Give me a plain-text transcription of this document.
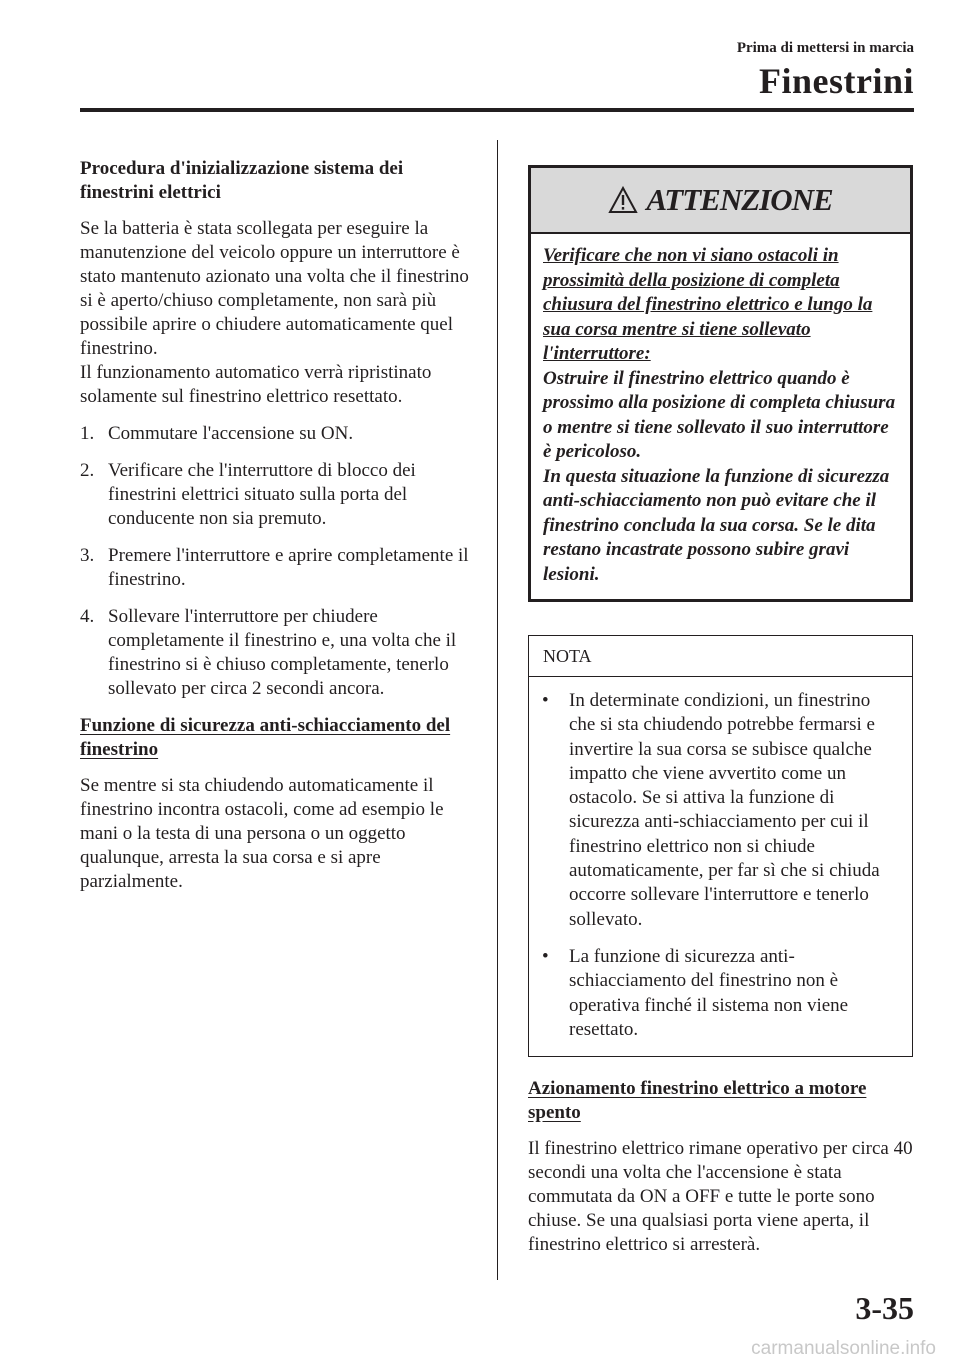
Prima di mettersi in marcia
Finestrini

Procedura d'inizializzazione sistema dei finestrini elettrici

Se la batteria è stata scollegata per eseguire la manutenzione del veicolo oppure un interruttore è stato mantenuto azionato una volta che il finestrino si è aperto/chiuso completamente, non sarà più possibile aprire o chiudere automaticamente quel finestrino.

Il funzionamento automatico verrà ripristinato solamente sul finestrino elettrico resettato.

1. Commutare l'accensione su ON.
2. Verificare che l'interruttore di blocco dei finestrini elettrici situato sulla porta del conducente non sia premuto.
3. Premere l'interruttore e aprire completamente il finestrino.
4. Sollevare l'interruttore per chiudere completamente il finestrino e, una volta che il finestrino si è chiuso completamente, tenerlo sollevato per circa 2 secondi ancora.

Funzione di sicurezza anti-schiacciamento del finestrino

Se mentre si sta chiudendo automaticamente il finestrino incontra ostacoli, come ad esempio le mani o la testa di una persona o un oggetto qualunque, arresta la sua corsa e si apre parzialmente.

ATTENZIONE

Verificare che non vi siano ostacoli in prossimità della posizione di completa chiusura del finestrino elettrico e lungo la sua corsa mentre si tiene sollevato l'interruttore:

Ostruire il finestrino elettrico quando è prossimo alla posizione di completa chiusura o mentre si tiene sollevato il suo interruttore è pericoloso.

In questa situazione la funzione di sicurezza anti-schiacciamento non può evitare che il finestrino concluda la sua corsa. Se le dita restano incastrate possono subire gravi lesioni.

NOTA
•	In determinate condizioni, un finestrino che si sta chiudendo potrebbe fermarsi e invertire la sua corsa se subisce qualche impatto che viene avvertito come un ostacolo. Se si attiva la funzione di sicurezza anti-schiacciamento per cui il finestrino elettrico non si chiude automaticamente, per far sì che si chiuda occorre sollevare l'interruttore e tenerlo sollevato.
•	La funzione di sicurezza anti-schiacciamento del finestrino non è operativa finché il sistema non viene resettato.

Azionamento finestrino elettrico a motore spento

Il finestrino elettrico rimane operativo per circa 40 secondi una volta che l'accensione è stata commutata da ON a OFF e tutte le porte sono chiuse. Se una qualsiasi porta viene aperta, il finestrino elettrico si arresterà.

3-35
carmanualsonline.info
